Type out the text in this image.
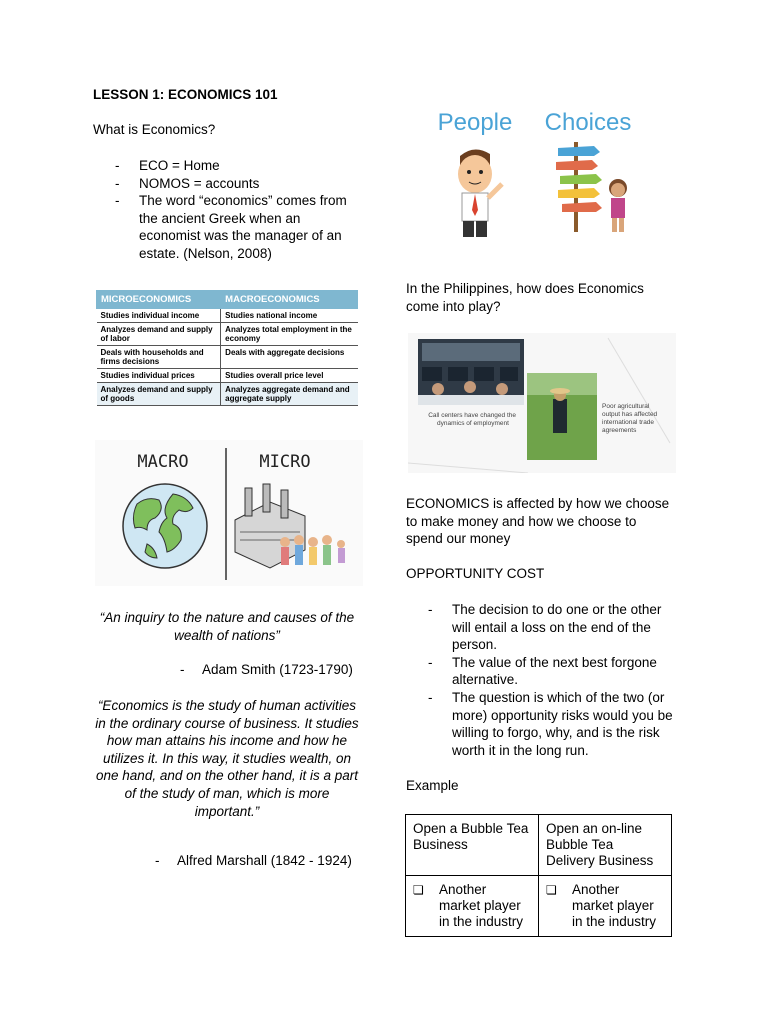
LESSON 1: ECONOMICS 101
What is Economics?
- ECO = Home
- NOMOS = accounts
- The word “economics” comes from the ancient Greek when an economist was the manager of an estate. (Nelson, 2008)
MICROECONOMICS	MACROECONOMICS
Studies individual income	Studies national income
Analyzes demand and supply of labor	Analyzes total employment in the economy
Deals with households and firms decisions	Deals with aggregate decisions
Studies individual prices	Studies overall price level
Analyzes demand and supply of goods	Analyzes aggregate demand and aggregate supply
MACRO	MICRO
“An inquiry to the nature and causes of the wealth of nations”
- Adam Smith (1723-1790)
“Economics is the study of human activities in the ordinary course of business. It studies how man attains his income and how he utilizes it. In this way, it studies wealth, on one hand, and on the other hand, it is a part of the study of man, which is more important.”
- Alfred Marshall (1842 - 1924)
People Choices
In the Philippines, how does Economics come into play?
Call centers have changed the dynamics of employment
Poor agricultural output has affected international trade agreements
ECONOMICS is affected by how we choose to make money and how we choose to spend our money
OPPORTUNITY COST
- The decision to do one or the other will entail a loss on the end of the person.
- The value of the next best forgone alternative.
- The question is which of the two (or more) opportunity risks would you be willing to forgo, why, and is the risk worth it in the long run.
Example
Open a Bubble Tea Business	Open an on-line Bubble Tea Delivery Business

❏ Another market player in the industry	❏ Another market player in the industry
